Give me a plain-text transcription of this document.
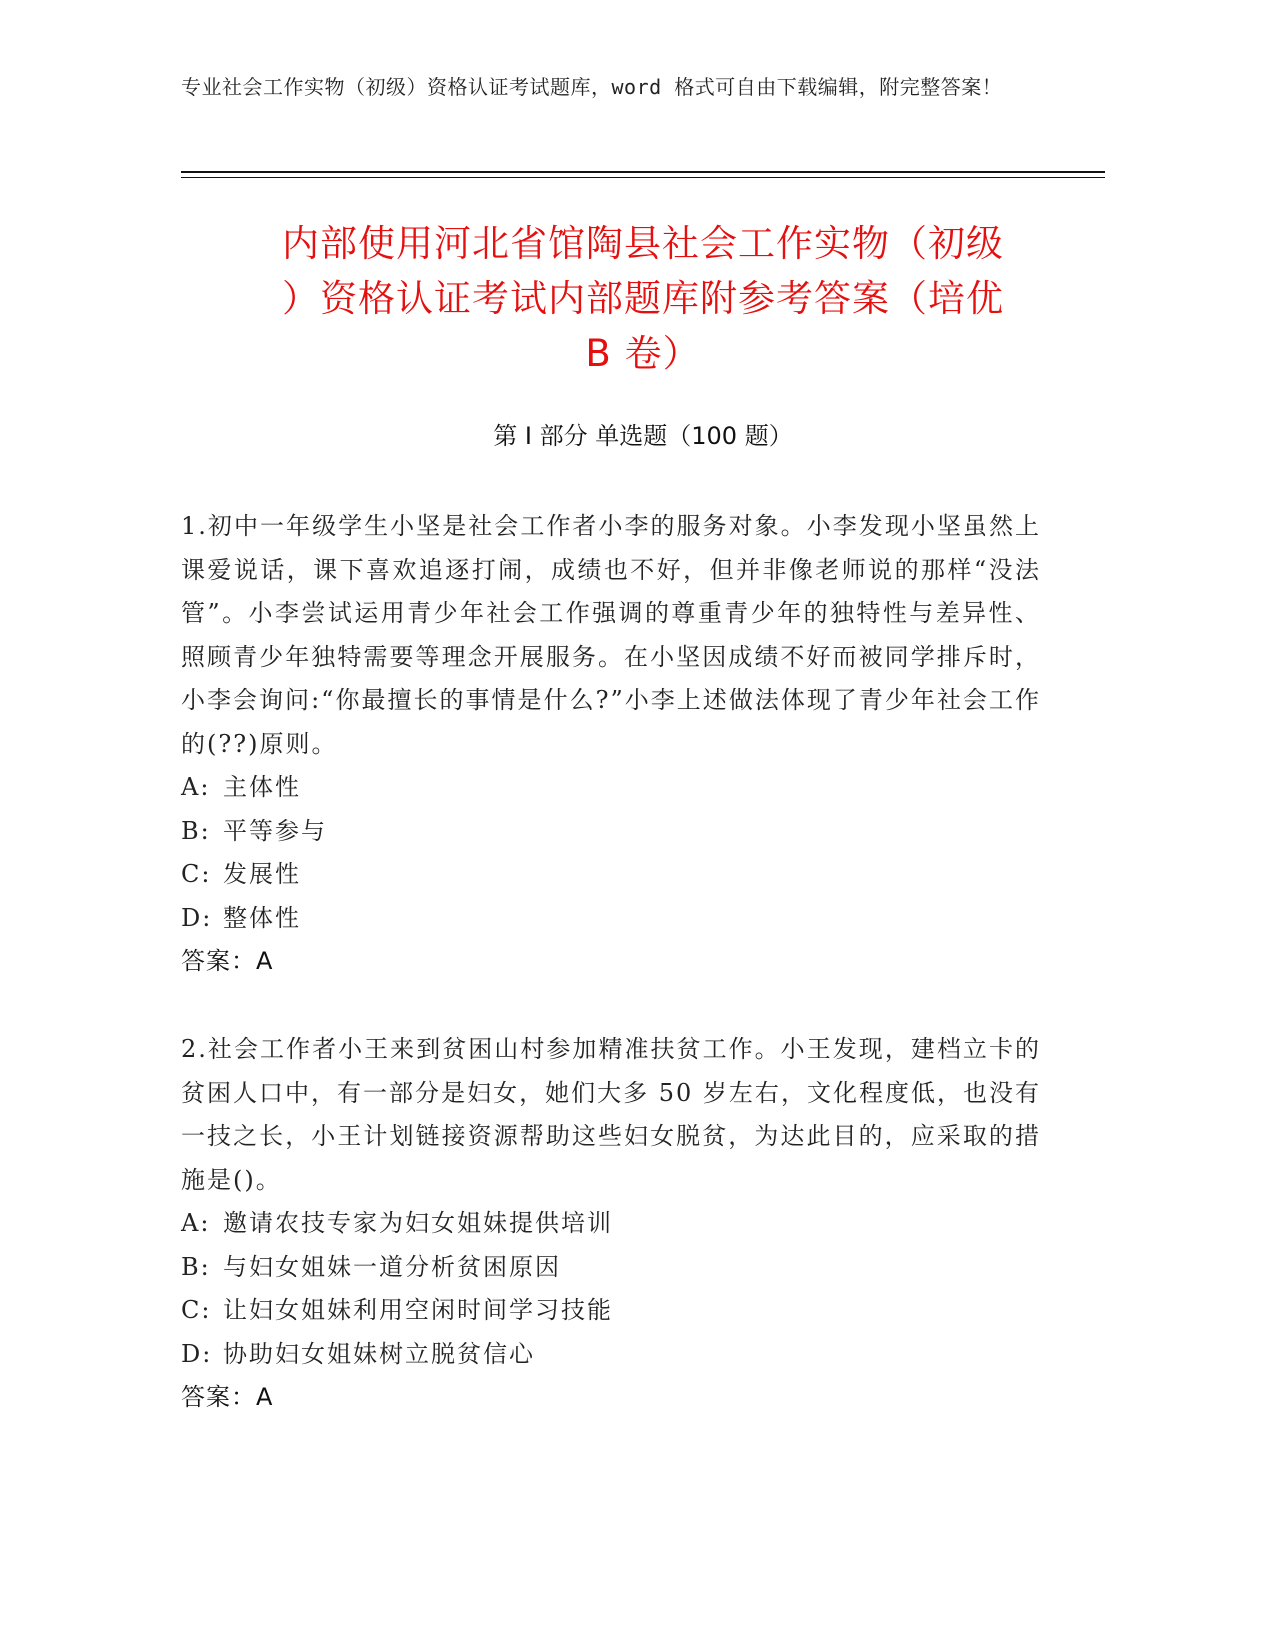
专业社会工作实物（初级）资格认证考试题库，word 格式可自由下载编辑，附完整答案！
内部使用河北省馆陶县社会工作实物（初级
）资格认证考试内部题库附参考答案（培优
B 卷）
第 I 部分 单选题（100 题）
1.初中一年级学生小坚是社会工作者小李的服务对象。小李发现小坚虽然上课爱说话，课下喜欢追逐打闹，成绩也不好，但并非像老师说的那样“没法管”。小李尝试运用青少年社会工作强调的尊重青少年的独特性与差异性、照顾青少年独特需要等理念开展服务。在小坚因成绩不好而被同学排斥时，小李会询问:“你最擅长的事情是什么?”小李上述做法体现了青少年社会工作的(??)原则。
A: 主体性
B: 平等参与
C: 发展性
D: 整体性
答案：A
2.社会工作者小王来到贫困山村参加精准扶贫工作。小王发现，建档立卡的贫困人口中，有一部分是妇女，她们大多 50 岁左右，文化程度低，也没有一技之长，小王计划链接资源帮助这些妇女脱贫，为达此目的，应采取的措施是()。
A: 邀请农技专家为妇女姐妹提供培训
B: 与妇女姐妹一道分析贫困原因
C: 让妇女姐妹利用空闲时间学习技能
D: 协助妇女姐妹树立脱贫信心
答案：A
